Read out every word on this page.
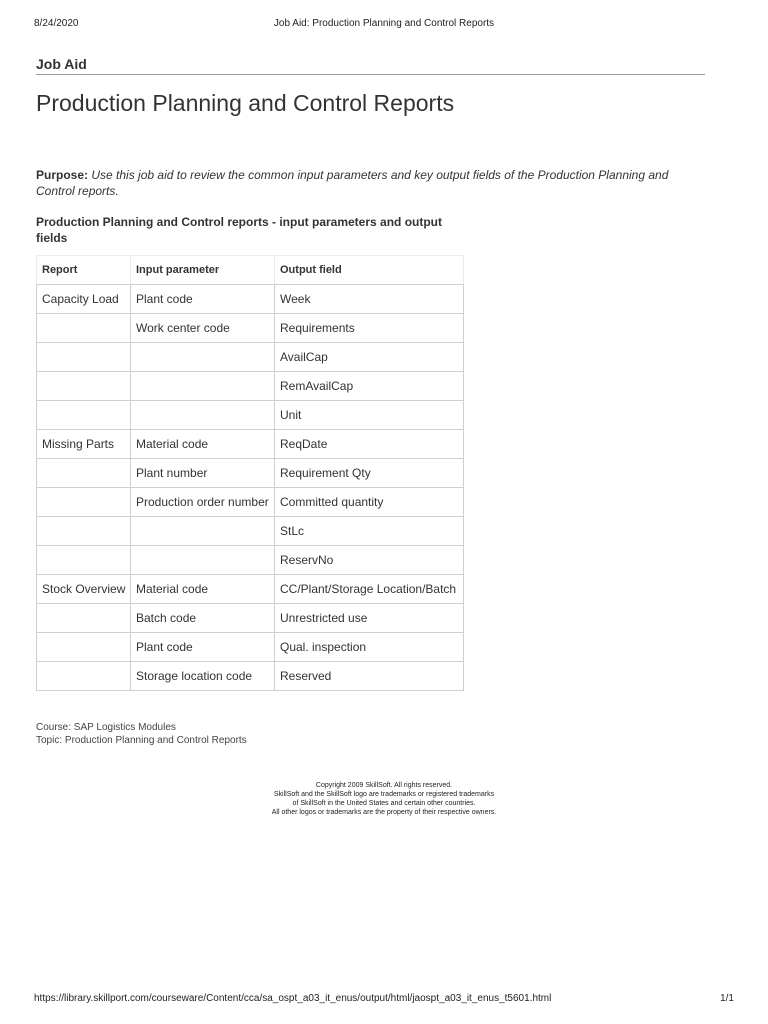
8/24/2020	Job Aid: Production Planning and Control Reports
Job Aid
Production Planning and Control Reports
Purpose: Use this job aid to review the common input parameters and key output fields of the Production Planning and Control reports.
Production Planning and Control reports - input parameters and output fields
Report	Input parameter	Output field
Capacity Load	Plant code	Week
	Work center code	Requirements
		AvailCap
		RemAvailCap
		Unit
Missing Parts	Material code	ReqDate
	Plant number	Requirement Qty
	Production order number	Committed quantity
		StLc
		ReservNo
Stock Overview	Material code	CC/Plant/Storage Location/Batch
	Batch code	Unrestricted use
	Plant code	Qual. inspection
	Storage location code	Reserved
Course: SAP Logistics Modules
Topic: Production Planning and Control Reports
Copyright 2009 SkillSoft. All rights reserved.
SkillSoft and the SkillSoft logo are trademarks or registered trademarks
of SkillSoft in the United States and certain other countries.
All other logos or trademarks are the property of their respective owners.
https://library.skillport.com/courseware/Content/cca/sa_ospt_a03_it_enus/output/html/jaospt_a03_it_enus_t5601.html	1/1
